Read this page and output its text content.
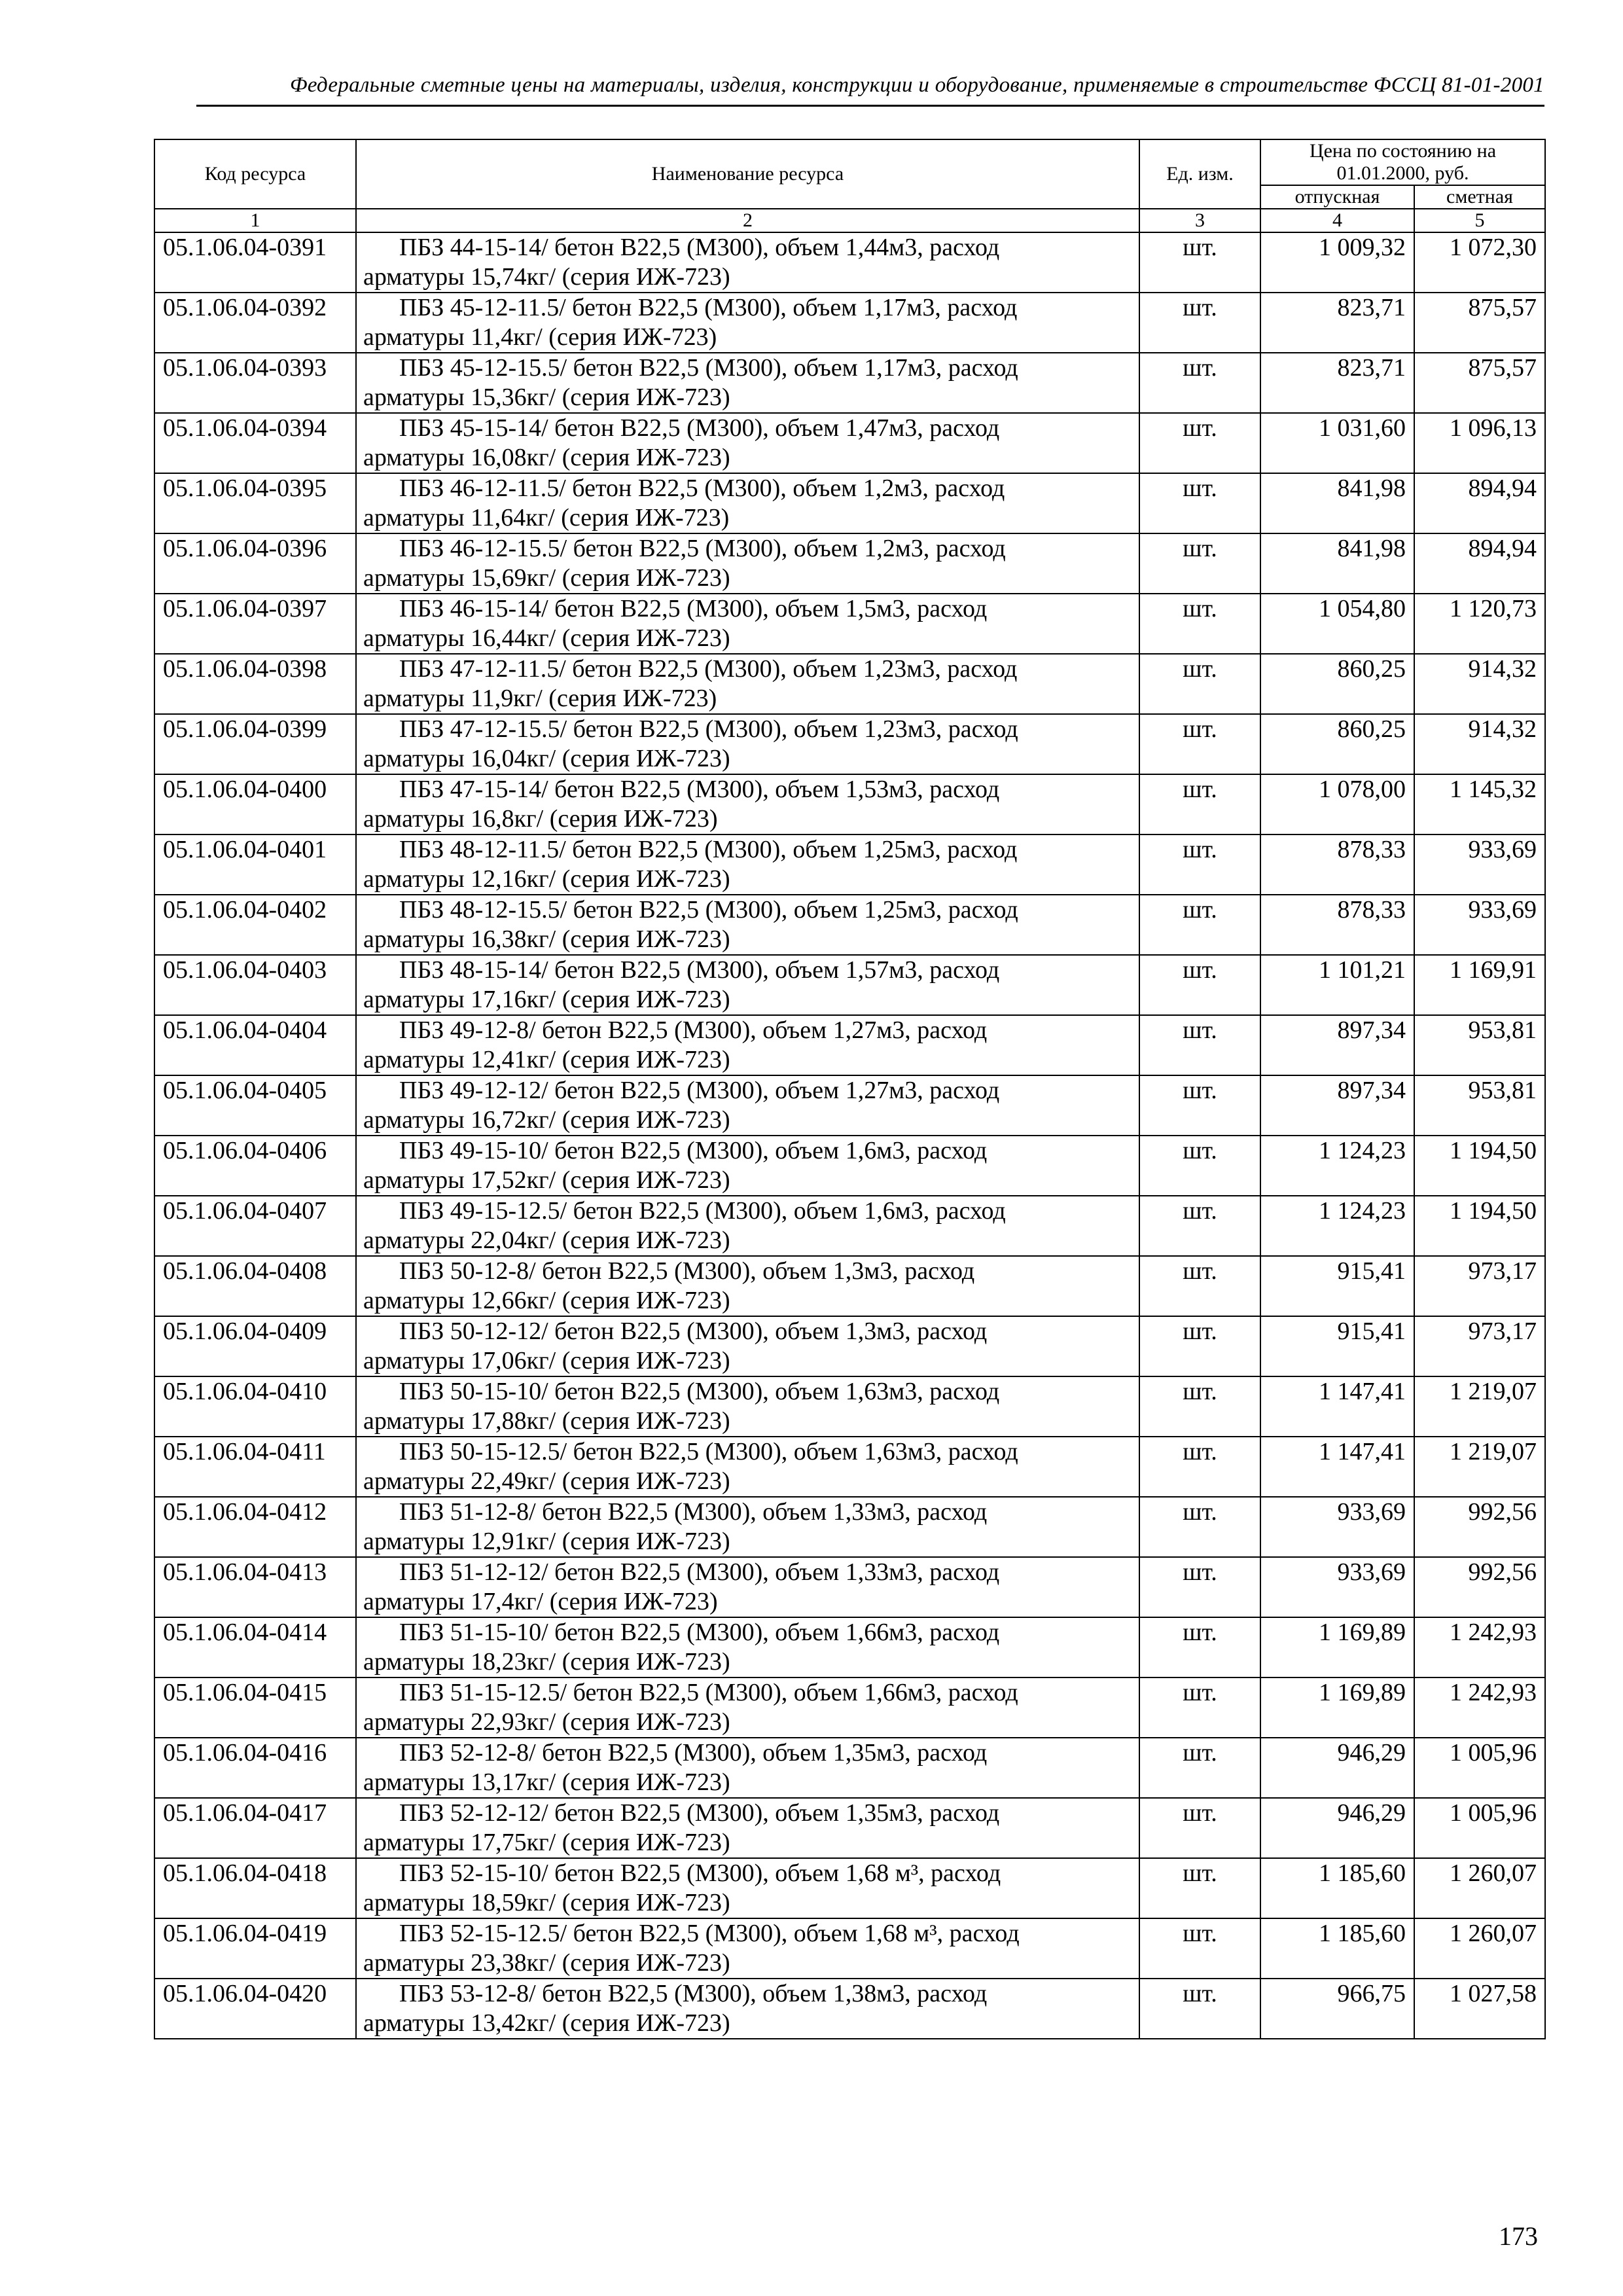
Федеральные сметные цены на материалы, изделия, конструкции и оборудование, применяемые в строительстве ФССЦ 81-01-2001
Код ресурса	Наименование ресурса	Ед. изм.	Цена по состоянию на 01.01.2000, руб.	
			отпускная	сметная
1	2	3	4	5
05.1.06.04-0391	ПБЗ 44-15-14/ бетон В22,5 (М300), объем 1,44м3, расход
арматуры 15,74кг/ (серия ИЖ-723)	шт.	1 009,32	1 072,30
05.1.06.04-0392	ПБЗ 45-12-11.5/ бетон В22,5 (М300), объем 1,17м3, расход
арматуры 11,4кг/ (серия ИЖ-723)	шт.	823,71	875,57
05.1.06.04-0393	ПБЗ 45-12-15.5/ бетон В22,5 (М300), объем 1,17м3, расход
арматуры 15,36кг/ (серия ИЖ-723)	шт.	823,71	875,57
05.1.06.04-0394	ПБЗ 45-15-14/ бетон В22,5 (М300), объем 1,47м3, расход
арматуры 16,08кг/ (серия ИЖ-723)	шт.	1 031,60	1 096,13
05.1.06.04-0395	ПБЗ 46-12-11.5/ бетон В22,5 (М300), объем 1,2м3, расход
арматуры 11,64кг/ (серия ИЖ-723)	шт.	841,98	894,94
05.1.06.04-0396	ПБЗ 46-12-15.5/ бетон В22,5 (М300), объем 1,2м3, расход
арматуры 15,69кг/ (серия ИЖ-723)	шт.	841,98	894,94
05.1.06.04-0397	ПБЗ 46-15-14/ бетон В22,5 (М300), объем 1,5м3, расход
арматуры 16,44кг/ (серия ИЖ-723)	шт.	1 054,80	1 120,73
05.1.06.04-0398	ПБЗ 47-12-11.5/ бетон В22,5 (М300), объем 1,23м3, расход
арматуры 11,9кг/ (серия ИЖ-723)	шт.	860,25	914,32
05.1.06.04-0399	ПБЗ 47-12-15.5/ бетон В22,5 (М300), объем 1,23м3, расход
арматуры 16,04кг/ (серия ИЖ-723)	шт.	860,25	914,32
05.1.06.04-0400	ПБЗ 47-15-14/ бетон В22,5 (М300), объем 1,53м3, расход
арматуры 16,8кг/ (серия ИЖ-723)	шт.	1 078,00	1 145,32
05.1.06.04-0401	ПБЗ 48-12-11.5/ бетон В22,5 (М300), объем 1,25м3, расход
арматуры 12,16кг/ (серия ИЖ-723)	шт.	878,33	933,69
05.1.06.04-0402	ПБЗ 48-12-15.5/ бетон В22,5 (М300), объем 1,25м3, расход
арматуры 16,38кг/ (серия ИЖ-723)	шт.	878,33	933,69
05.1.06.04-0403	ПБЗ 48-15-14/ бетон В22,5 (М300), объем 1,57м3, расход
арматуры 17,16кг/ (серия ИЖ-723)	шт.	1 101,21	1 169,91
05.1.06.04-0404	ПБЗ 49-12-8/ бетон В22,5 (М300), объем 1,27м3, расход
арматуры 12,41кг/ (серия ИЖ-723)	шт.	897,34	953,81
05.1.06.04-0405	ПБЗ 49-12-12/ бетон В22,5 (М300), объем 1,27м3, расход
арматуры 16,72кг/ (серия ИЖ-723)	шт.	897,34	953,81
05.1.06.04-0406	ПБЗ 49-15-10/ бетон В22,5 (М300), объем 1,6м3, расход
арматуры 17,52кг/ (серия ИЖ-723)	шт.	1 124,23	1 194,50
05.1.06.04-0407	ПБЗ 49-15-12.5/ бетон В22,5 (М300), объем 1,6м3, расход
арматуры 22,04кг/ (серия ИЖ-723)	шт.	1 124,23	1 194,50
05.1.06.04-0408	ПБЗ 50-12-8/ бетон В22,5 (М300), объем 1,3м3, расход
арматуры 12,66кг/ (серия ИЖ-723)	шт.	915,41	973,17
05.1.06.04-0409	ПБЗ 50-12-12/ бетон В22,5 (М300), объем 1,3м3, расход
арматуры 17,06кг/ (серия ИЖ-723)	шт.	915,41	973,17
05.1.06.04-0410	ПБЗ 50-15-10/ бетон В22,5 (М300), объем 1,63м3, расход
арматуры 17,88кг/ (серия ИЖ-723)	шт.	1 147,41	1 219,07
05.1.06.04-0411	ПБЗ 50-15-12.5/ бетон В22,5 (М300), объем 1,63м3, расход
арматуры 22,49кг/ (серия ИЖ-723)	шт.	1 147,41	1 219,07
05.1.06.04-0412	ПБЗ 51-12-8/ бетон В22,5 (М300), объем 1,33м3, расход
арматуры 12,91кг/ (серия ИЖ-723)	шт.	933,69	992,56
05.1.06.04-0413	ПБЗ 51-12-12/ бетон В22,5 (М300), объем 1,33м3, расход
арматуры 17,4кг/ (серия ИЖ-723)	шт.	933,69	992,56
05.1.06.04-0414	ПБЗ 51-15-10/ бетон В22,5 (М300), объем 1,66м3, расход
арматуры 18,23кг/ (серия ИЖ-723)	шт.	1 169,89	1 242,93
05.1.06.04-0415	ПБЗ 51-15-12.5/ бетон В22,5 (М300), объем 1,66м3, расход
арматуры 22,93кг/ (серия ИЖ-723)	шт.	1 169,89	1 242,93
05.1.06.04-0416	ПБЗ 52-12-8/ бетон В22,5 (М300), объем 1,35м3, расход
арматуры 13,17кг/ (серия ИЖ-723)	шт.	946,29	1 005,96
05.1.06.04-0417	ПБЗ 52-12-12/ бетон В22,5 (М300), объем 1,35м3, расход
арматуры 17,75кг/ (серия ИЖ-723)	шт.	946,29	1 005,96
05.1.06.04-0418	ПБЗ 52-15-10/ бетон В22,5 (М300), объем 1,68 м³, расход
арматуры 18,59кг/ (серия ИЖ-723)	шт.	1 185,60	1 260,07
05.1.06.04-0419	ПБЗ 52-15-12.5/ бетон В22,5 (М300), объем 1,68 м³, расход
арматуры 23,38кг/ (серия ИЖ-723)	шт.	1 185,60	1 260,07
05.1.06.04-0420	ПБЗ 53-12-8/ бетон В22,5 (М300), объем 1,38м3, расход
арматуры 13,42кг/ (серия ИЖ-723)	шт.	966,75	1 027,58
173
